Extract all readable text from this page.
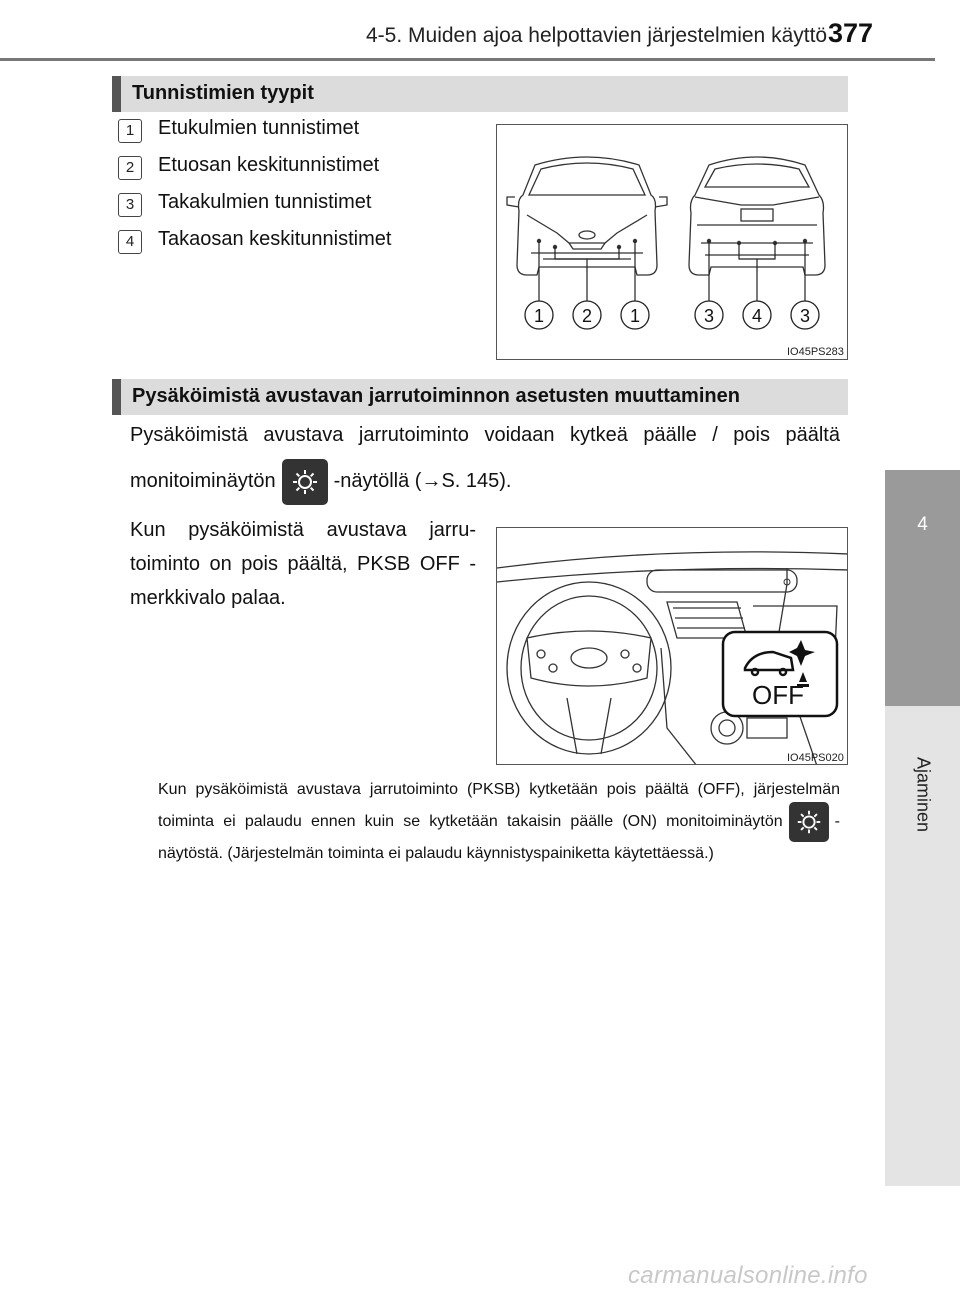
4-5. Muiden ajoa helpottavien järjestelmien käyttö 377
4
Ajaminen
Tunnistimien tyypit
1	Etukulmien tunnistimet
2	Etuosan keskitunnistimet
3	Takakulmien tunnistimet
4	Takaosan keskitunnistimet
1 2 1	3 4 3
IO45PS283
Pysäköimistä avustavan jarrutoiminnon asetusten muuttaminen
Pysäköimistä avustava jarrutoiminto voidaan kytkeä päälle / pois päältä monitoiminäytön	-näytöllä (→S. 145).
Kun pysäköimistä avustava jarru-toiminto on pois päältä, PKSB OFF -merkkivalo palaa.
OFF
IO45PS020
Kun pysäköimistä avustava jarrutoiminto (PKSB) kytketään pois päältä (OFF), järjestelmän toiminta ei palaudu ennen kuin se kytketään takaisin päälle (ON) monitoiminäytön	-näytöstä. (Järjestelmän toiminta ei palaudu käynnistyspainiketta käytettäessä.)
carmanualsonline.info
